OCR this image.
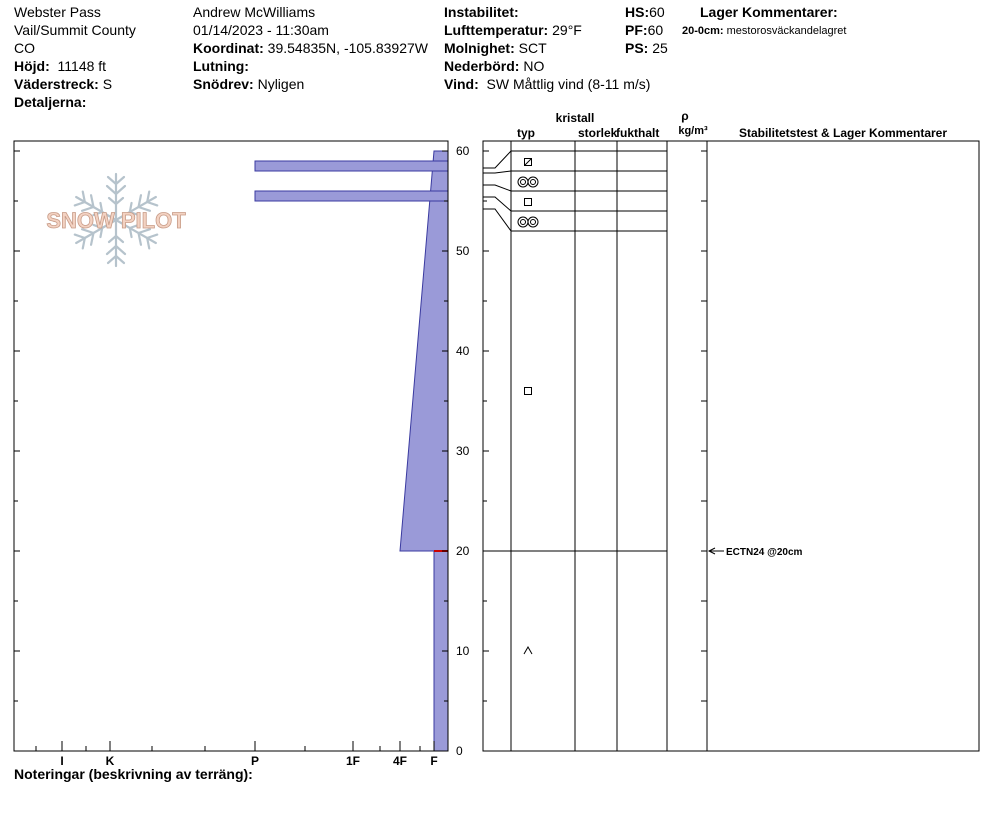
Webster Pass
Vail/Summit County
CO
Höjd: 11148 ft
Väderstreck: S
Detaljerna:
Andrew McWilliams
01/14/2023 - 11:30am
Koordinat: 39.54835N, -105.83927W
Lutning:
Snödrev: Nyligen
Instabilitet:
Lufttemperatur: 29°F
Molnighet: SCT
Nederbörd: NO
Vind: SW Måttlig vind (8-11 m/s)
HS:60
PF:60
PS: 25
Lager Kommentarer:
20-0cm: mestorosväckandelagret
Noteringar (beskrivning av terräng):
SNOW PILOT
0
10
20
30
40
50
60
I	K	P	1F	4F F
kristall
typ	storlek
fukthalt
ρ
kg/m³	Stabilitetstest & Lager Kommentarer
ECTN24 @20cm
